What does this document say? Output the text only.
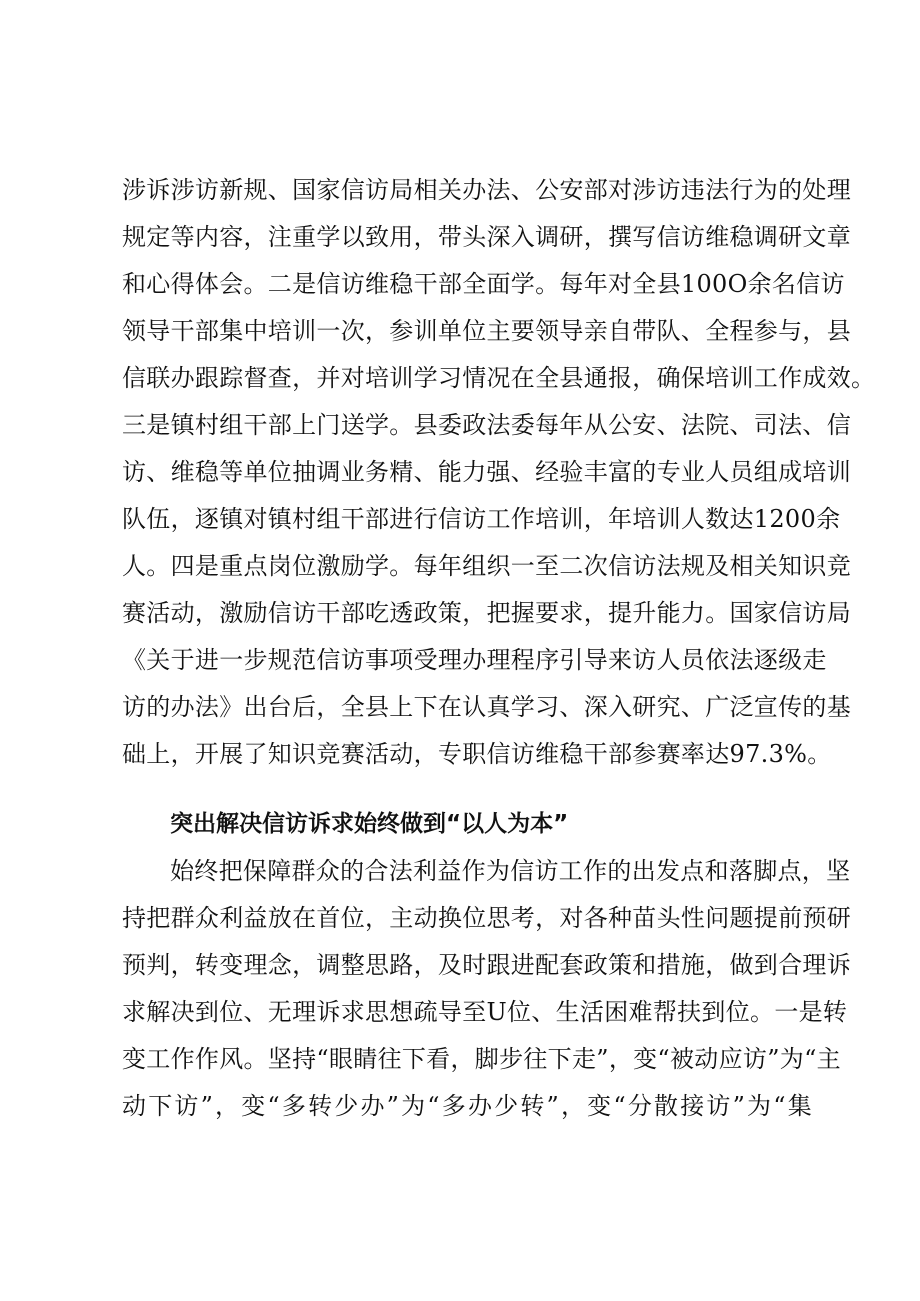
涉诉涉访新规、国家信访局相关办法、公安部对涉访违法行为的处理
规定等内容，注重学以致用，带头深入调研，撰写信访维稳调研文章
和心得体会。二是信访维稳干部全面学。每年对全县100O余名信访
领导干部集中培训一次，参训单位主要领导亲自带队、全程参与，县
信联办跟踪督查，并对培训学习情况在全县通报，确保培训工作成效。
三是镇村组干部上门送学。县委政法委每年从公安、法院、司法、信
访、维稳等单位抽调业务精、能力强、经验丰富的专业人员组成培训
队伍，逐镇对镇村组干部进行信访工作培训，年培训人数达1200余
人。四是重点岗位激励学。每年组织一至二次信访法规及相关知识竞
赛活动，激励信访干部吃透政策，把握要求，提升能力。国家信访局
《关于进一步规范信访事项受理办理程序引导来访人员依法逐级走
访的办法》出台后，全县上下在认真学习、深入研究、广泛宣传的基
础上，开展了知识竞赛活动，专职信访维稳干部参赛率达97.3%。
突出解决信访诉求始终做到“以人为本”
始终把保障群众的合法利益作为信访工作的出发点和落脚点，坚
持把群众利益放在首位，主动换位思考，对各种苗头性问题提前预研
预判，转变理念，调整思路，及时跟进配套政策和措施，做到合理诉
求解决到位、无理诉求思想疏导至U位、生活困难帮扶到位。一是转
变工作作风。坚持“眼睛往下看，脚步往下走”，变“被动应访”为“主
动下访”，变“多转少办”为“多办少转”，变“分散接访”为“集
